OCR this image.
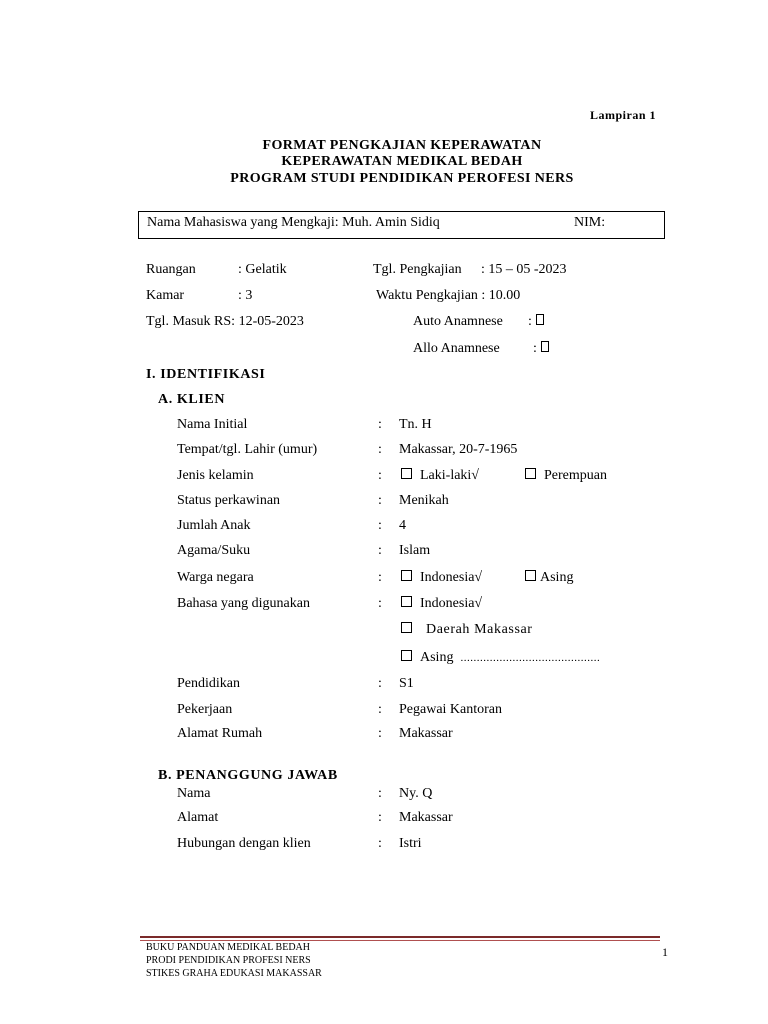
Lampiran 1
FORMAT PENGKAJIAN KEPERAWATAN
KEPERAWATAN MEDIKAL BEDAH
PROGRAM STUDI PENDIDIKAN PEROFESI NERS
Nama Mahasiswa yang Mengkaji: Muh. Amin Sidiq	NIM:
Ruangan	: Gelatik	Tgl. Pengkajian : 15 – 05 -2023
Kamar	: 3	Waktu Pengkajian : 10.00
Tgl. Masuk RS: 12-05-2023	Auto Anamnese :
Allo Anamnese :
I. IDENTIFIKASI
A. KLIEN
Nama Initial	: Tn. H
Tempat/tgl. Lahir (umur)	: Makassar, 20-7-1965
Jenis kelamin	:	Laki-laki√	Perempuan
Status perkawinan	: Menikah
Jumlah Anak	: 4
Agama/Suku	: Islam
Warga negara	:	Indonesia√	Asing
Bahasa yang digunakan	:	Indonesia√
Daerah Makassar
Asing ...........................................
Pendidikan	: S1
Pekerjaan	: Pegawai Kantoran
Alamat Rumah	: Makassar
B. PENANGGUNG JAWAB
Nama	: Ny. Q
Alamat	: Makassar
Hubungan dengan klien	: Istri
BUKU PANDUAN MEDIKAL BEDAH
PRODI PENDIDIKAN PROFESI NERS
STIKES GRAHA EDUKASI MAKASSAR
1
